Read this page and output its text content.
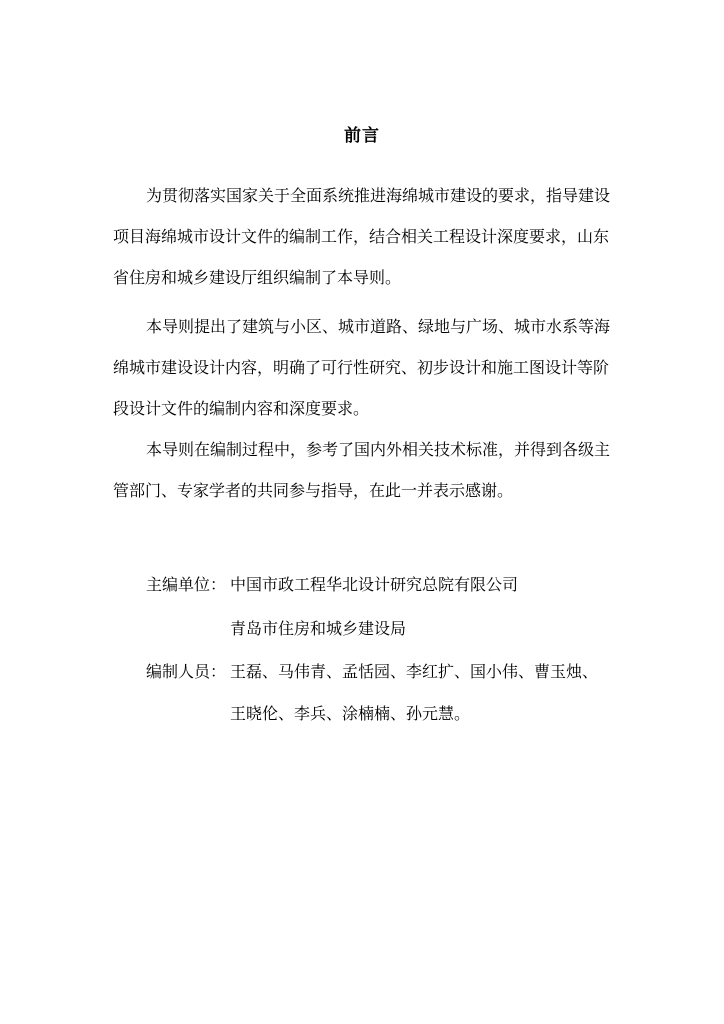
前言

为贯彻落实国家关于全面系统推进海绵城市建设的要求，指导建设项目海绵城市设计文件的编制工作，结合相关工程设计深度要求，山东省住房和城乡建设厅组织编制了本导则。

本导则提出了建筑与小区、城市道路、绿地与广场、城市水系等海绵城市建设设计内容，明确了可行性研究、初步设计和施工图设计等阶段设计文件的编制内容和深度要求。

本导则在编制过程中，参考了国内外相关技术标准，并得到各级主管部门、专家学者的共同参与指导，在此一并表示感谢。

主编单位： 中国市政工程华北设计研究总院有限公司
青岛市住房和城乡建设局
编制人员： 王磊、马伟青、孟恬园、李红扩、国小伟、曹玉烛、
王晓伦、李兵、涂楠楠、孙元慧。
